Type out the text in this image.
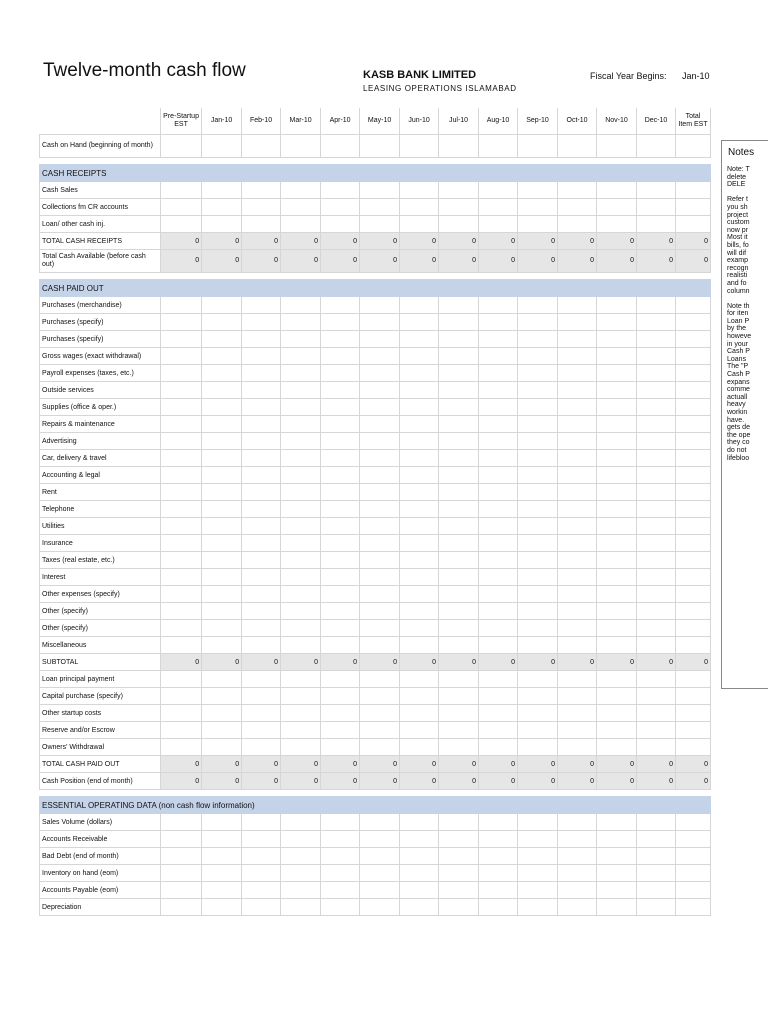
Twelve-month cash flow	KASB BANK LIMITED
LEASING OPERATIONS ISLAMABAD
Fiscal Year Begins: Jan-10
	Pre-Startup EST	Jan-10	Feb-10	Mar-10	Apr-10	May-10	Jun-10	Jul-10	Aug-10	Sep-10	Oct-10	Nov-10	Dec-10	Total Item EST
Cash on Hand (beginning of month)														

CASH RECEIPTS														
Cash Sales														
Collections fm CR accounts														
Loan/ other cash inj.														
TOTAL CASH RECEIPTS	0	0	0	0	0	0	0	0	0	0	0	0	0	0
Total Cash Available (before cash out)	0	0	0	0	0	0	0	0	0	0	0	0	0	0

CASH PAID OUT														
Purchases (merchandise)														
Purchases (specify)														
Purchases (specify)														
Gross wages (exact withdrawal)														
Payroll expenses (taxes, etc.)														
Outside services														
Supplies (office & oper.)														
Repairs & maintenance														
Advertising														
Car, delivery & travel														
Accounting & legal														
Rent														
Telephone														
Utilities														
Insurance														
Taxes (real estate, etc.)														
Interest														
Other expenses (specify)														
Other (specify)														
Other (specify)														
Miscellaneous														
SUBTOTAL	0	0	0	0	0	0	0	0	0	0	0	0	0	0
Loan principal payment														
Capital purchase (specify)														
Other startup costs														
Reserve and/or Escrow														
Owners' Withdrawal														
TOTAL CASH PAID OUT	0	0	0	0	0	0	0	0	0	0	0	0	0	0
Cash Position (end of month)	0	0	0	0	0	0	0	0	0	0	0	0	0	0

ESSENTIAL OPERATING DATA (non cash flow information)														
Sales Volume (dollars)														
Accounts Receivable														
Bad Debt (end of month)														
Inventory on hand (eom)														
Accounts Payable (eom)														
Depreciation														
Notes
Note: T
delete
DELE

Refer t
you sh
project
custom
now pr
Most it
bills, fo
will dif
examp
recogn
realisti
and fo
column

Note th
for iten
Loan P
by the
howeve
in your
Cash P
Loans
The "P
Cash P
expans
comme
actuall
heavy
workin
have.
gets de
the ope
they co
do not
lifebloo
